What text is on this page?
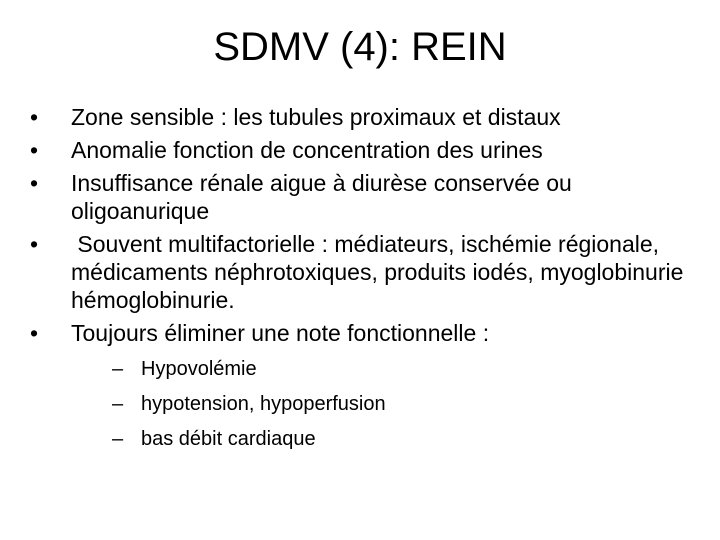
SDMV (4): REIN
•	Zone sensible : les tubules proximaux et distaux
•	Anomalie fonction de concentration des urines
•	Insuffisance rénale aigue à diurèse conservée ou oligoanurique
•	Souvent multifactorielle : médiateurs, ischémie régionale, médicaments néphrotoxiques, produits iodés, myoglobinurie hémoglobinurie.
•	Toujours éliminer une note fonctionnelle :
– Hypovolémie
– hypotension, hypoperfusion
– bas débit cardiaque
